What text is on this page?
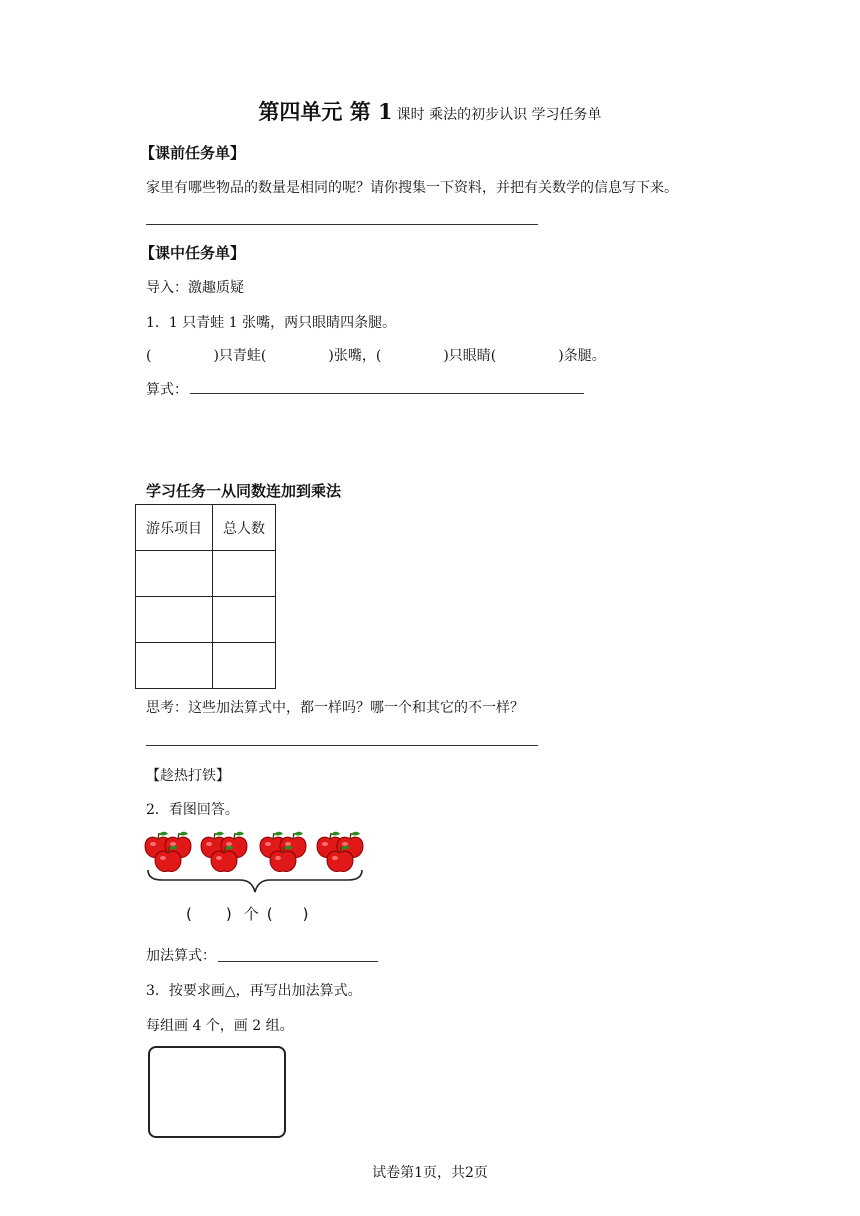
第四单元 第 1 课时 乘法的初步认识 学习任务单
【课前任务单】
家里有哪些物品的数量是相同的呢？请你搜集一下资料，并把有关数学的信息写下来。
【课中任务单】
导入：激趣质疑
1．1 只青蛙 1 张嘴，两只眼睛四条腿。
(	)只青蛙(	)张嘴，(	)只眼睛(	)条腿。
算式：
学习任务一从同数连加到乘法
游乐项目	总人数

思考：这些加法算式中，都一样吗？哪一个和其它的不一样？
【趁热打铁】
2．看图回答。
( ) 个 ( )
加法算式：
3．按要求画△，再写出加法算式。
每组画 4 个，画 2 组。
试卷第1页，共2页
